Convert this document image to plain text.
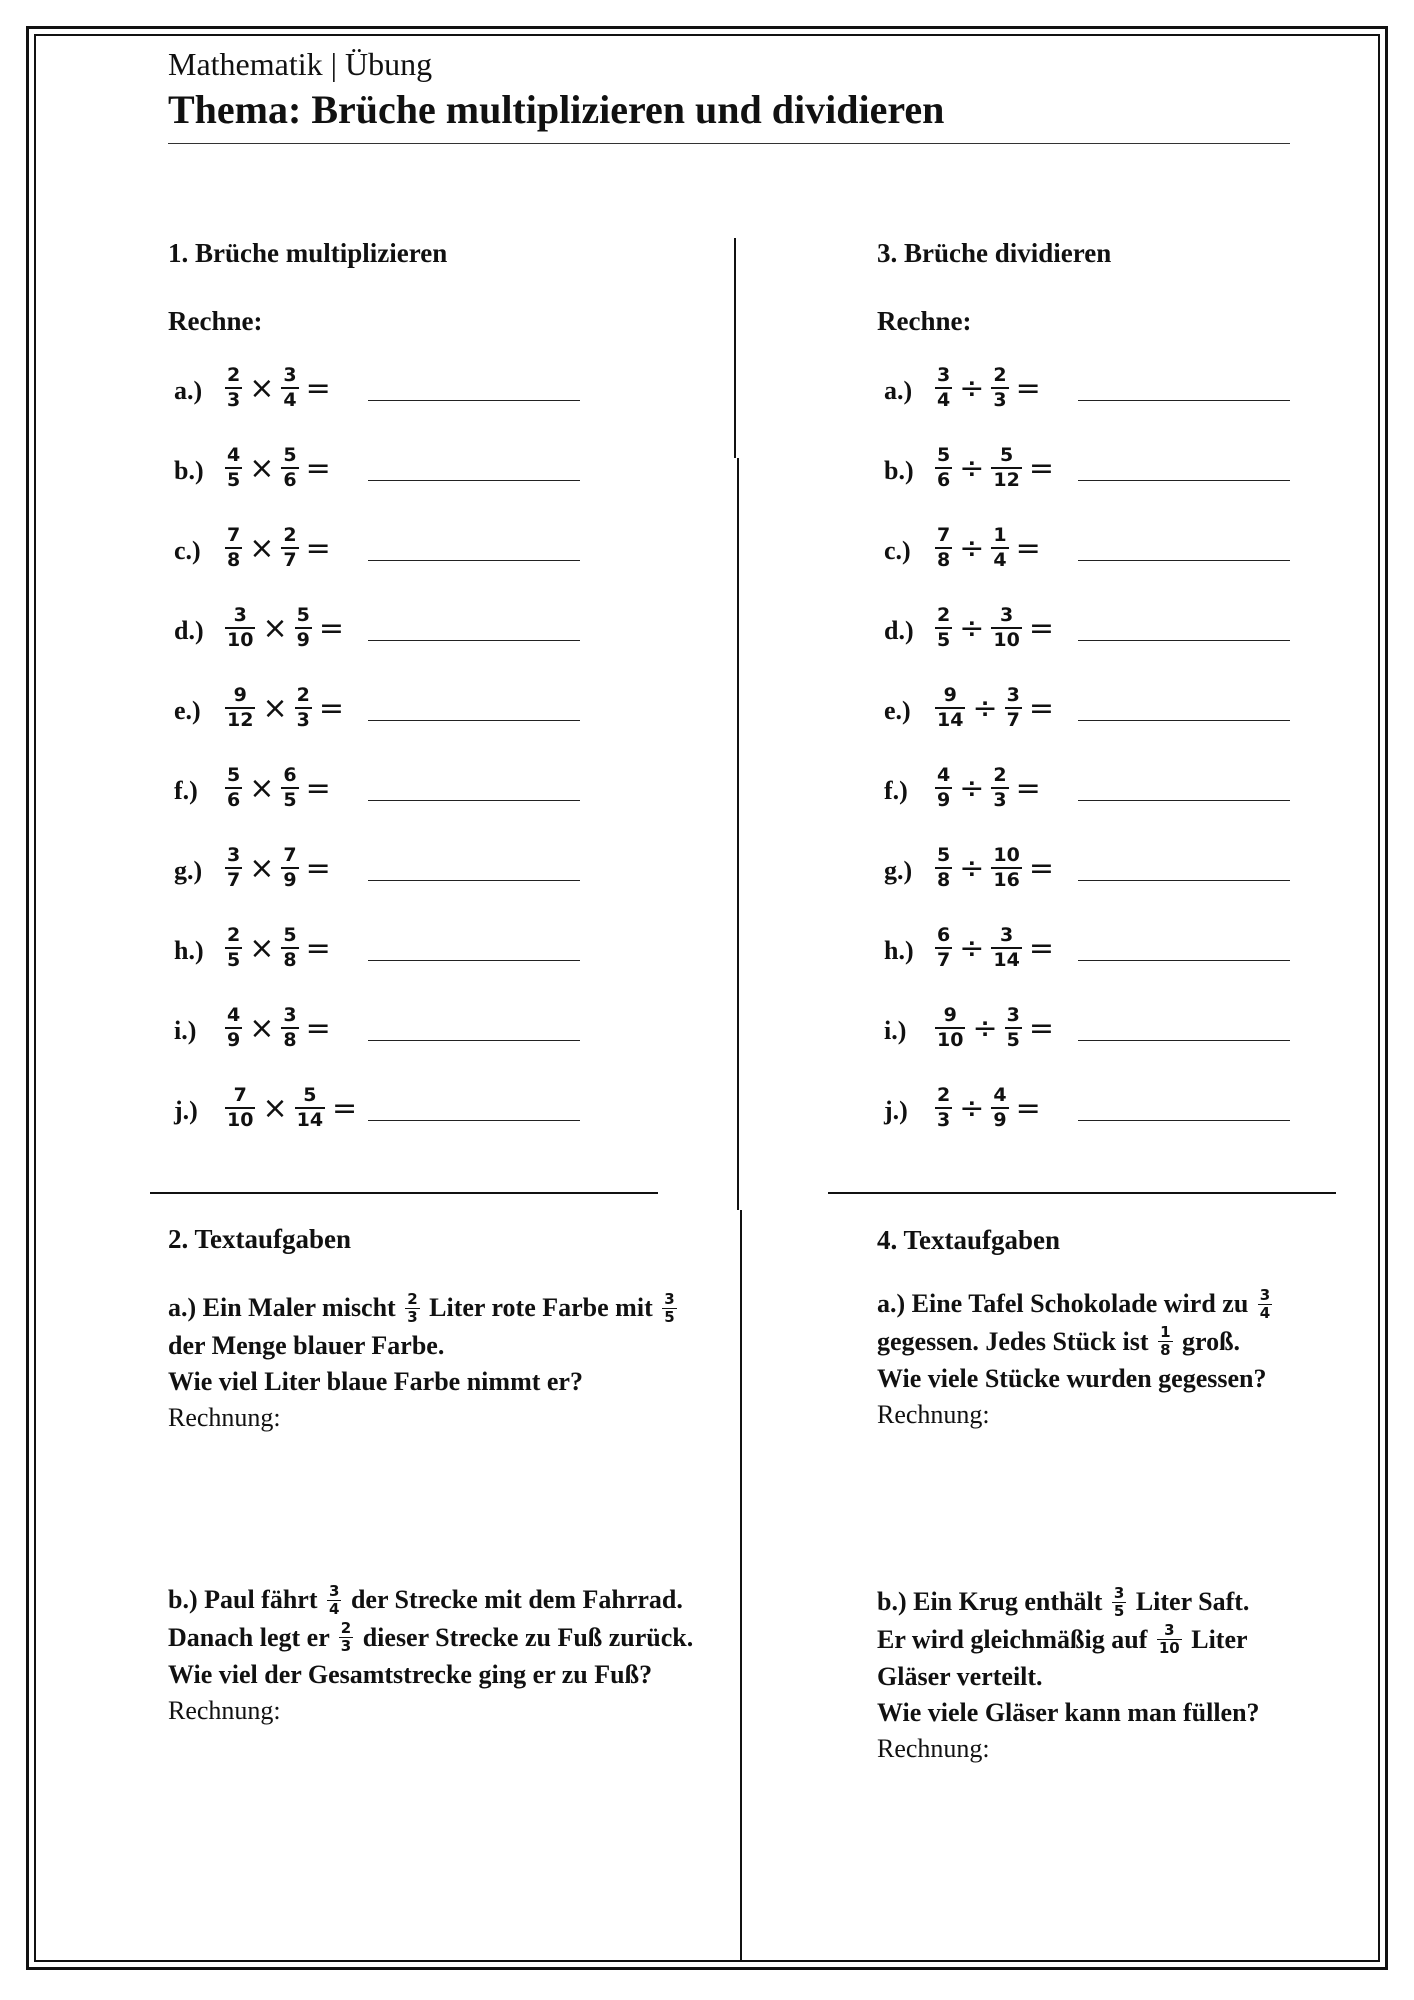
Mathematik | Übung
Thema: Brüche multiplizieren und dividieren
1. Brüche multiplizieren
Rechne:
3. Brüche dividieren
Rechne:
$a.) \frac{2}{3} \times \frac{3}{4}$ =
$b.) \frac{4}{5} \times \frac{5}{6}$ =
$c.) \frac{7}{8} \times \frac{2}{7}$ =
$d.) \frac{3}{10} \times \frac{5}{9}$ =
$e.) \frac{9}{12} \times \frac{2}{3}$ =
$f.) \frac{5}{6} \times \frac{6}{5}$ =
$g.) \frac{3}{7} \times \frac{7}{9}$ =
$h.) \frac{2}{5} \times \frac{5}{8}$ =
$i.) \frac{4}{9} \times \frac{3}{8}$ =
$j.) \frac{7}{10} \times \frac{5}{14}$ =
$a.) \frac{3}{4} \div \frac{2}{3}$ =
$b.) \frac{5}{6} \div \frac{5}{12}$ =
$c.) \frac{7}{8} \div \frac{1}{4}$ =
$d.) \frac{2}{5} \div \frac{3}{10}$ =
$e.) \frac{9}{14} \div \frac{3}{7}$ =
$f.) \frac{4}{9} \div \frac{2}{3}$ =
$g.) \frac{5}{8} \div \frac{10}{16}$ =
$h.) \frac{6}{7} \div \frac{3}{14}$ =
$i.) \frac{9}{10} \div \frac{3}{5}$ =
$j.) \frac{2}{3} \div \frac{4}{9}$ =
2. Textaufgaben	4. Textaufgaben
a.) Ein Maler mischt $\frac{2}{3}$ Liter rote Farbe mit $\frac{3}{5}$
der Menge blauer Farbe.
Wie viel Liter blaue Farbe nimmt er?
Rechnung:
b.) Paul fährt $\frac{3}{4}$ der Strecke mit dem Fahrrad.
Danach legt er $\frac{2}{3}$ dieser Strecke zu Fuß zurück.
Wie viel der Gesamtstrecke ging er zu Fuß?
Rechnung:
a.) Eine Tafel Schokolade wird zu $\frac{3}{4}$
gegessen. Jedes Stück ist $\frac{1}{8}$ groß.
Wie viele Stücke wurden gegessen?
Rechnung:
b.) Ein Krug enthält $\frac{3}{5}$ Liter Saft.
Er wird gleichmäßig auf $\frac{3}{10}$ Liter
Gläser verteilt.
Wie viele Gläser kann man füllen?
Rechnung:
